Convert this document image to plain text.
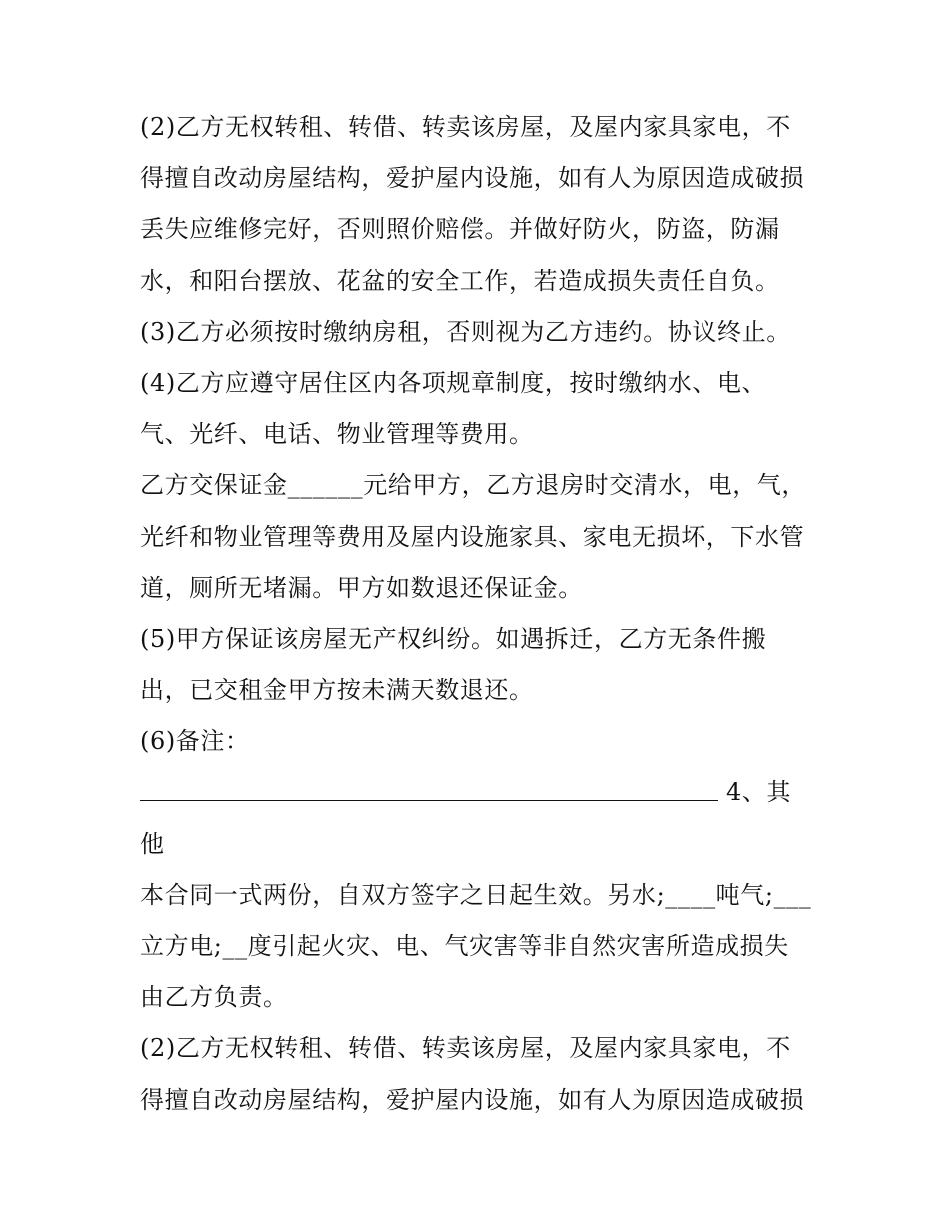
(2)乙方无权转租、转借、转卖该房屋，及屋内家具家电，不
得擅自改动房屋结构，爱护屋内设施，如有人为原因造成破损
丢失应维修完好，否则照价赔偿。并做好防火，防盗，防漏
水，和阳台摆放、花盆的安全工作，若造成损失责任自负。
(3)乙方必须按时缴纳房租，否则视为乙方违约。协议终止。
(4)乙方应遵守居住区内各项规章制度，按时缴纳水、电、
气、光纤、电话、物业管理等费用。
乙方交保证金______元给甲方，乙方退房时交清水，电，气，
光纤和物业管理等费用及屋内设施家具、家电无损坏，下水管
道，厕所无堵漏。甲方如数退还保证金。
(5)甲方保证该房屋无产权纠纷。如遇拆迁，乙方无条件搬
出，已交租金甲方按未满天数退还。
(6)备注：
4、其
他
本合同一式两份，自双方签字之日起生效。另水;____吨气;___
立方电;__度引起火灾、电、气灾害等非自然灾害所造成损失
由乙方负责。
(2)乙方无权转租、转借、转卖该房屋，及屋内家具家电，不
得擅自改动房屋结构，爱护屋内设施，如有人为原因造成破损
